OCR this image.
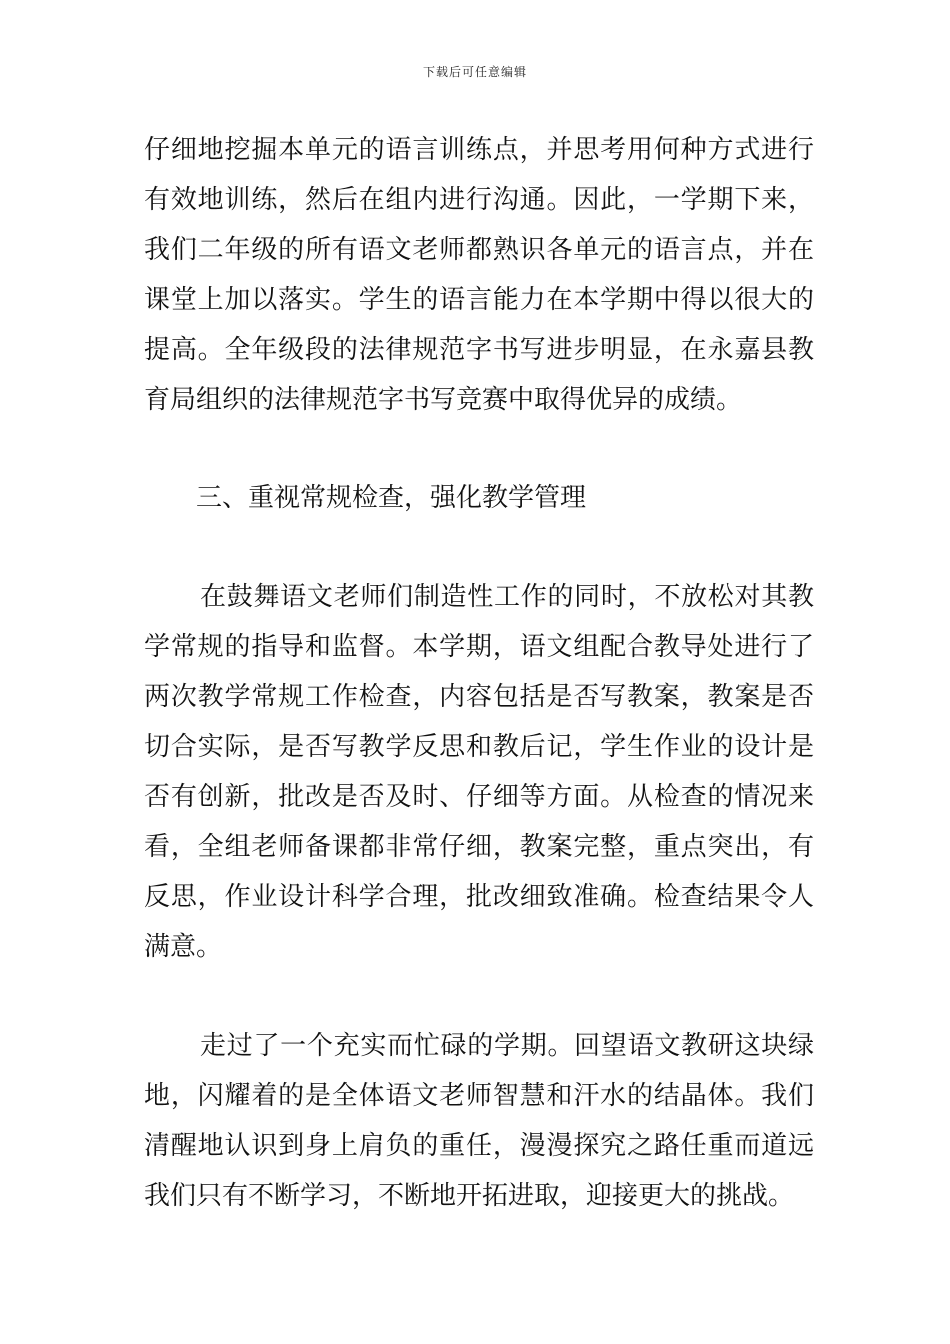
下载后可任意编辑

仔细地挖掘本单元的语言训练点，并思考用何种方式进行有效地训练，然后在组内进行沟通。因此，一学期下来，我们二年级的所有语文老师都熟识各单元的语言点，并在课堂上加以落实。学生的语言能力在本学期中得以很大的提高。全年级段的法律规范字书写进步明显，在永嘉县教育局组织的法律规范字书写竞赛中取得优异的成绩。

三、重视常规检查，强化教学管理

在鼓舞语文老师们制造性工作的同时，不放松对其教学常规的指导和监督。本学期，语文组配合教导处进行了两次教学常规工作检查，内容包括是否写教案，教案是否切合实际，是否写教学反思和教后记，学生作业的设计是否有创新，批改是否及时、仔细等方面。从检查的情况来看，全组老师备课都非常仔细，教案完整，重点突出，有反思，作业设计科学合理，批改细致准确。检查结果令人满意。

走过了一个充实而忙碌的学期。回望语文教研这块绿地，闪耀着的是全体语文老师智慧和汗水的结晶体。我们清醒地认识到身上肩负的重任，漫漫探究之路任重而道远我们只有不断学习，不断地开拓进取，迎接更大的挑战。
